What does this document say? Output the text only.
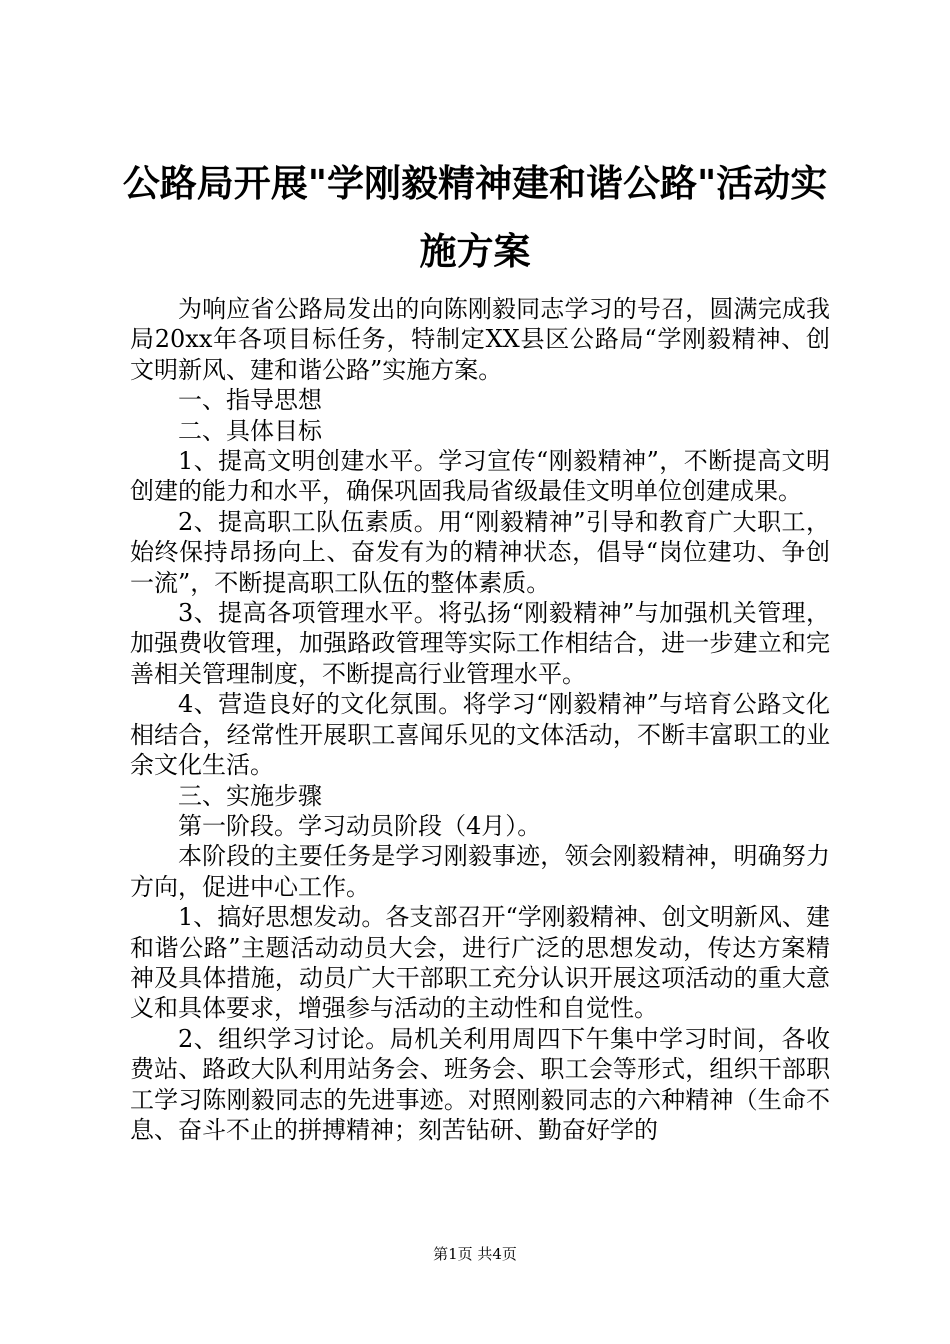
公路局开展"学刚毅精神建和谐公路"活动实施方案

为响应省公路局发出的向陈刚毅同志学习的号召，圆满完成我局20xx年各项目标任务，特制定XX县区公路局“学刚毅精神、创文明新风、建和谐公路”实施方案。

一、指导思想

二、具体目标

1、提高文明创建水平。学习宣传“刚毅精神”，不断提高文明创建的能力和水平，确保巩固我局省级最佳文明单位创建成果。

2、提高职工队伍素质。用“刚毅精神”引导和教育广大职工，始终保持昂扬向上、奋发有为的精神状态，倡导“岗位建功、争创一流”，不断提高职工队伍的整体素质。

3、提高各项管理水平。将弘扬“刚毅精神”与加强机关管理，加强费收管理，加强路政管理等实际工作相结合，进一步建立和完善相关管理制度，不断提高行业管理水平。

4、营造良好的文化氛围。将学习“刚毅精神”与培育公路文化相结合，经常性开展职工喜闻乐见的文体活动，不断丰富职工的业余文化生活。

三、实施步骤

第一阶段。学习动员阶段（4月）。

本阶段的主要任务是学习刚毅事迹，领会刚毅精神，明确努力方向，促进中心工作。

1、搞好思想发动。各支部召开“学刚毅精神、创文明新风、建和谐公路”主题活动动员大会，进行广泛的思想发动，传达方案精神及具体措施，动员广大干部职工充分认识开展这项活动的重大意义和具体要求，增强参与活动的主动性和自觉性。

2、组织学习讨论。局机关利用周四下午集中学习时间，各收费站、路政大队利用站务会、班务会、职工会等形式，组织干部职工学习陈刚毅同志的先进事迹。对照刚毅同志的六种精神（生命不息、奋斗不止的拼搏精神；刻苦钻研、勤奋好学的

第1页 共4页
